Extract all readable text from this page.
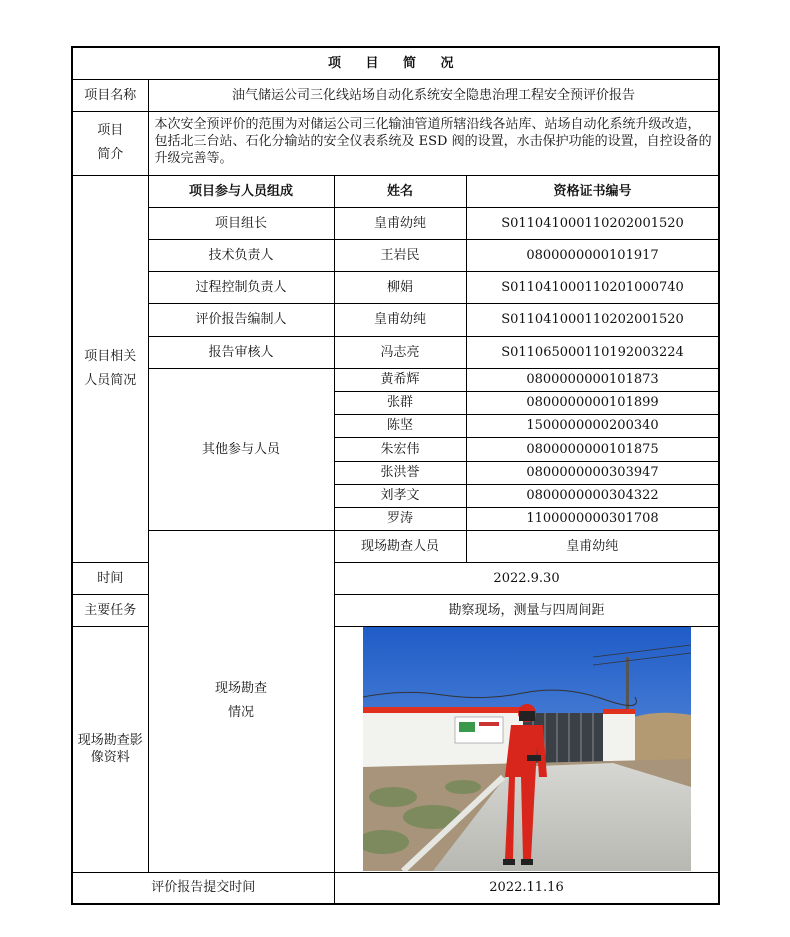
项 目 简 况			
项目名称	油气储运公司三化线站场自动化系统安全隐患治理工程安全预评价报告		

项目
简介	本次安全预评价的范围为对储运公司三化输油管道所辖沿线各站库、站场自动化系统升级改造，包括北三台站、石化分输站的安全仪表系统及 ESD 阀的设置，水击保护功能的设置，自控设备的升级完善等。		

项目相关
人员简况	项目参与人员组成	姓名	资格证书编号
	项目组长	皇甫幼纯	S011041000110202001520
	技术负责人	王岩民	0800000000101917
	过程控制负责人	柳娟	S011041000110201000740
	评价报告编制人	皇甫幼纯	S011041000110202001520
	报告审核人	冯志亮	S011065000110192003224
	其他参与人员	黄希辉	0800000000101873
		张群	0800000000101899
		陈坚	1500000000200340
		朱宏伟	0800000000101875
		张洪誉	0800000000303947
		刘孝文	0800000000304322
		罗涛	1100000000301708

	现场勘查
情况	现场勘查人员	皇甫幼纯
时间		2022.9.30	
主要任务		勘察现场，测量与四周间距	
现场勘查影像资料	

评价报告提交时间		2022.11.16	
